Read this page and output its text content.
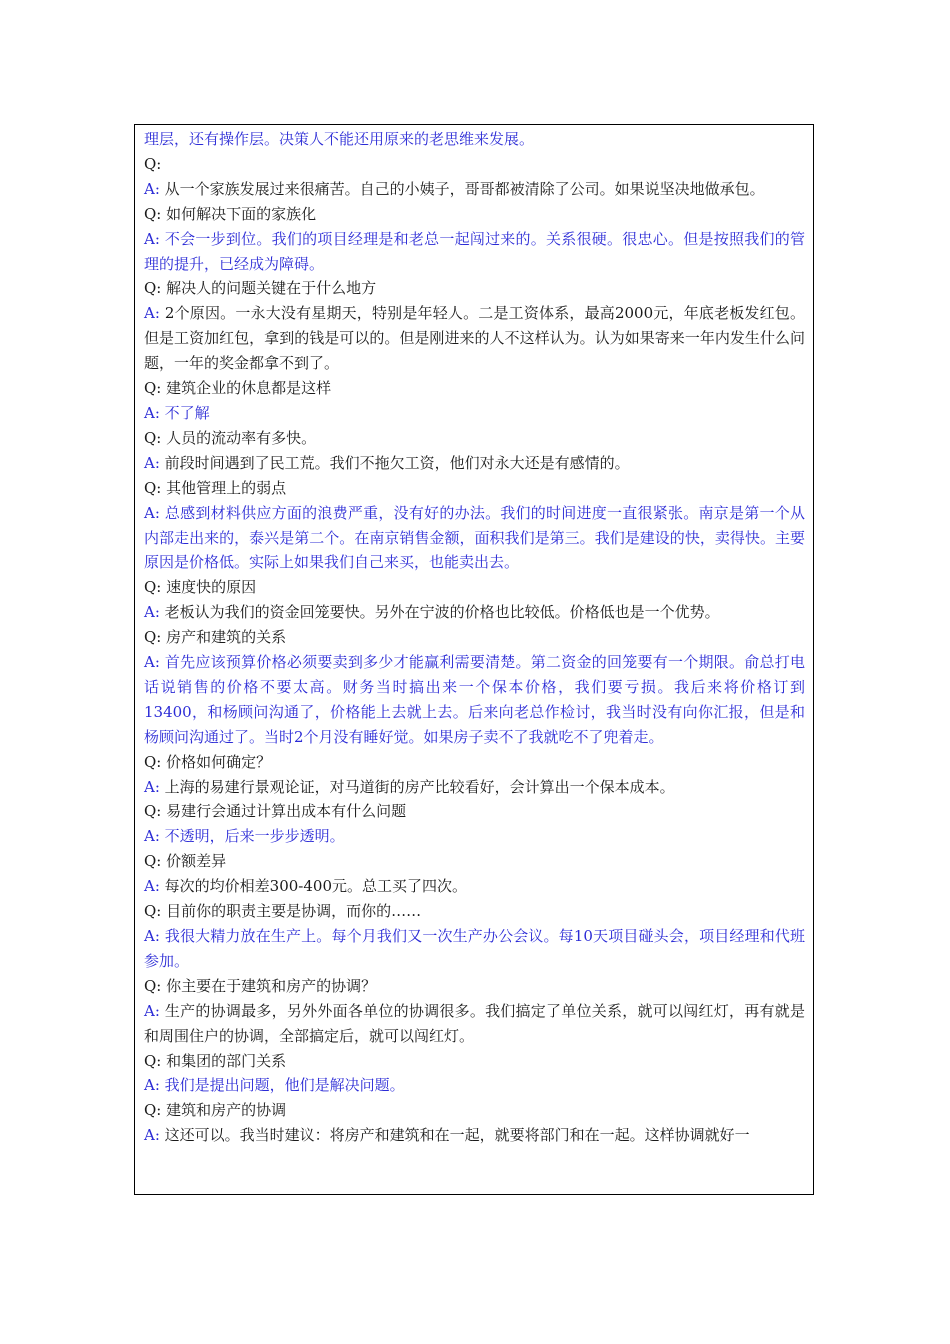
理层，还有操作层。决策人不能还用原来的老思维来发展。
Q:
A: 从一个家族发展过来很痛苦。自己的小姨子，哥哥都被清除了公司。如果说坚决地做承包。
Q: 如何解决下面的家族化
A: 不会一步到位。我们的项目经理是和老总一起闯过来的。关系很硬。很忠心。但是按照我们的管理的提升，已经成为障碍。
Q: 解决人的问题关键在于什么地方
A: 2个原因。一永大没有星期天，特别是年轻人。二是工资体系，最高2000元，年底老板发红包。但是工资加红包，拿到的钱是可以的。但是刚进来的人不这样认为。认为如果寄来一年内发生什么问题，一年的奖金都拿不到了。
Q: 建筑企业的休息都是这样
A: 不了解
Q: 人员的流动率有多快。
A: 前段时间遇到了民工荒。我们不拖欠工资，他们对永大还是有感情的。
Q: 其他管理上的弱点
A: 总感到材料供应方面的浪费严重，没有好的办法。我们的时间进度一直很紧张。南京是第一个从内部走出来的，泰兴是第二个。在南京销售金额，面积我们是第三。我们是建设的快，卖得快。主要原因是价格低。实际上如果我们自己来买，也能卖出去。
Q: 速度快的原因
A: 老板认为我们的资金回笼要快。另外在宁波的价格也比较低。价格低也是一个优势。
Q: 房产和建筑的关系
A: 首先应该预算价格必须要卖到多少才能赢利需要清楚。第二资金的回笼要有一个期限。俞总打电话说销售的价格不要太高。财务当时搞出来一个保本价格，我们要亏损。我后来将价格订到13400，和杨顾问沟通了，价格能上去就上去。后来向老总作检讨，我当时没有向你汇报，但是和杨顾问沟通过了。当时2个月没有睡好觉。如果房子卖不了我就吃不了兜着走。
Q: 价格如何确定？
A: 上海的易建行景观论证，对马道街的房产比较看好，会计算出一个保本成本。
Q: 易建行会通过计算出成本有什么问题
A: 不透明，后来一步步透明。
Q: 价额差异
A: 每次的均价相差300-400元。总工买了四次。
Q: 目前你的职责主要是协调，而你的……
A: 我很大精力放在生产上。每个月我们又一次生产办公会议。每10天项目碰头会，项目经理和代班参加。
Q: 你主要在于建筑和房产的协调？
A: 生产的协调最多，另外外面各单位的协调很多。我们搞定了单位关系，就可以闯红灯，再有就是和周围住户的协调，全部搞定后，就可以闯红灯。
Q: 和集团的部门关系
A: 我们是提出问题，他们是解决问题。
Q: 建筑和房产的协调
A: 这还可以。我当时建议：将房产和建筑和在一起，就要将部门和在一起。这样协调就好一
